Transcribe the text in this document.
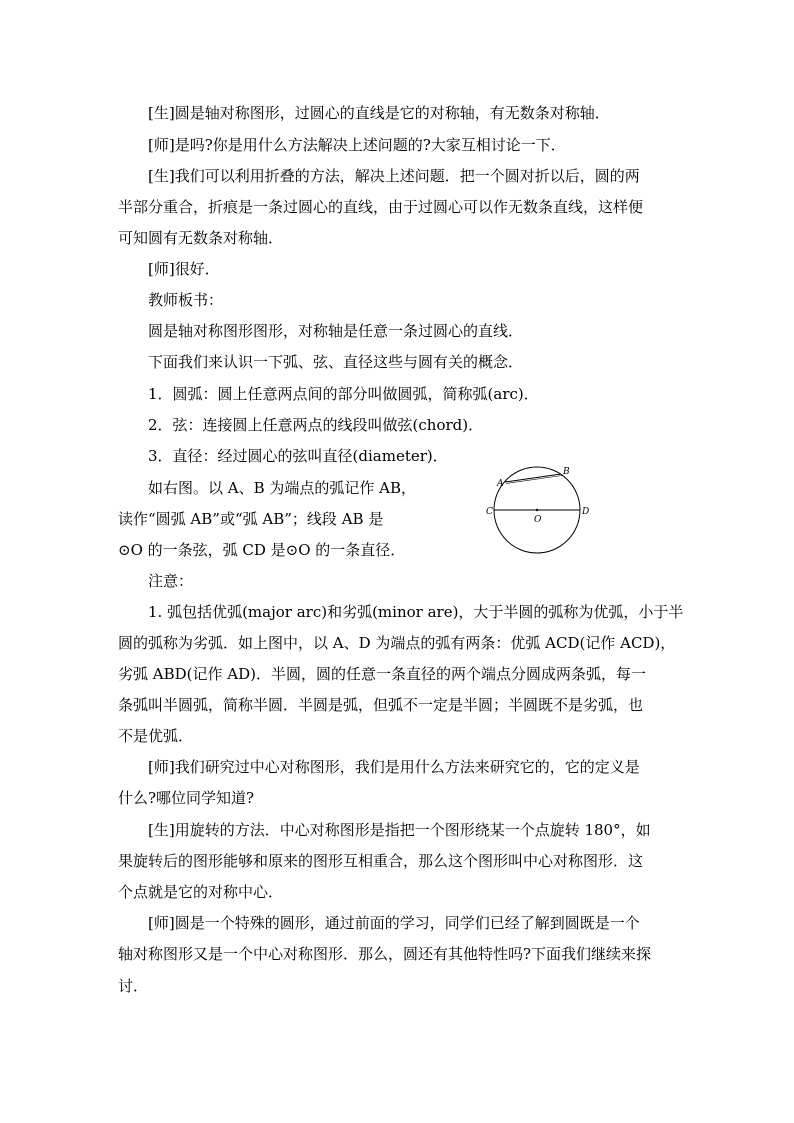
[生]圆是轴对称图形，过圆心的直线是它的对称轴，有无数条对称轴．

[师]是吗?你是用什么方法解决上述问题的?大家互相讨论一下．

[生]我们可以利用折叠的方法，解决上述问题．把一个圆对折以后，圆的两

半部分重合，折痕是一条过圆心的直线，由于过圆心可以作无数条直线，这样便

可知圆有无数条对称轴．

[师]很好．

教师板书：

圆是轴对称图形图形，对称轴是任意一条过圆心的直线．

下面我们来认识一下弧、弦、直径这些与圆有关的概念．

1．圆弧：圆上任意两点间的部分叫做圆弧，简称弧(arc)．

2．弦：连接圆上任意两点的线段叫做弦(chord)．

3．直径：经过圆心的弦叫直径(diameter)．

如右图。以 A、B 为端点的弧记作 AB，

读作“圆弧 AB”或“弧 AB”；线段 AB 是

⊙O 的一条弦，弧 CD 是⊙O 的一条直径．

注意：

1. 弧包括优弧(major arc)和劣弧(minor are)，大于半圆的弧称为优弧，小于半

圆的弧称为劣弧．如上图中，以 A、D 为端点的弧有两条：优弧 ACD(记作 ACD)，

劣弧 ABD(记作 AD)．半圆，圆的任意一条直径的两个端点分圆成两条弧，每一

条弧叫半圆弧，简称半圆．半圆是弧，但弧不一定是半圆；半圆既不是劣弧，也

不是优弧．

[师]我们研究过中心对称图形，我们是用什么方法来研究它的，它的定义是

什么?哪位同学知道?

[生]用旋转的方法．中心对称图形是指把一个图形绕某一个点旋转 180°，如

果旋转后的图形能够和原来的图形互相重合，那么这个图形叫中心对称图形．这

个点就是它的对称中心．

[师]圆是一个特殊的圆形，通过前面的学习，同学们已经了解到圆既是一个

轴对称图形又是一个中心对称图形．那么，圆还有其他特性吗?下面我们继续来探

讨．

A
B
C	D
O
